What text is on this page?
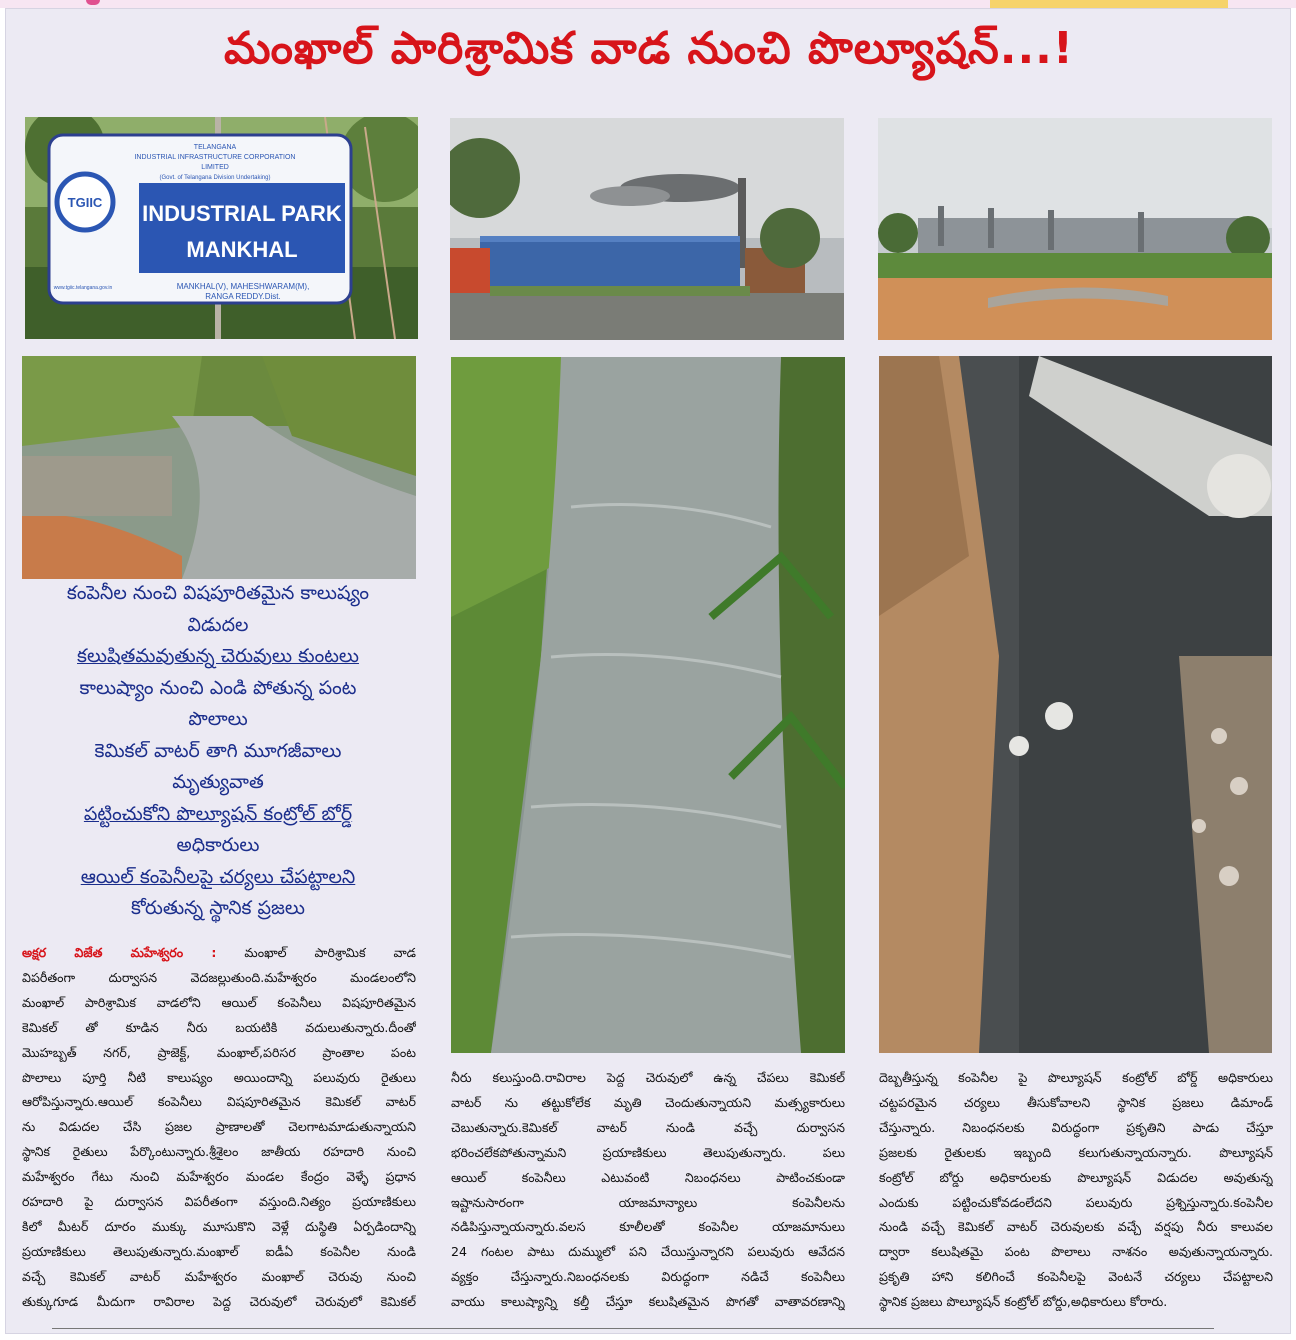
మంఖాల్ పారిశ్రామిక వాడ నుంచి పొల్యూషన్...!
TGIIC
TELANGANA
INDUSTRIAL INFRASTRUCTURE CORPORATION
LIMITED
(Govt. of Telangana Division Undertaking)
INDUSTRIAL PARK
MANKHAL
www.tgiic.telangana.gov.in	MANKHAL(V), MAHESHWARAM(M),
RANGA REDDY.Dist.
కంపెనీల నుంచి విషపూరితమైన కాలుష్యం
విడుదల
కలుషితమవుతున్న చెరువులు కుంటలు
కాలుష్యాం నుంచి ఎండి పోతున్న పంట
పొలాలు
కెమికల్ వాటర్ తాగి మూగజీవాలు
మృత్యువాత
పట్టించుకోని పొల్యూషన్ కంట్రోల్ బోర్డ్
అధికారులు
ఆయిల్ కంపెనీలపై చర్యలు చేపట్టాలని
కోరుతున్న స్థానిక ప్రజలు
అక్షర విజేత మహేశ్వరం : మంఖాల్ పారిశ్రామిక వాడ
విపరీతంగా దుర్వాసన వెదజల్లుతుంది.మహేశ్వరం మండలంలోని
మంఖాల్ పారిశ్రామిక వాడలోని ఆయిల్ కంపెనీలు విషపూరితమైన
కెమికల్ తో కూడిన నీరు బయటికి వదులుతున్నారు.దీంతో
మొహబ్బత్ నగర్, ప్రాజెక్ట్, మంఖాల్,పరిసర ప్రాంతాల పంట
పొలాలు పూర్తి నీటి కాలుష్యం అయిందాన్ని పలువురు రైతులు
ఆరోపిస్తున్నారు.ఆయిల్ కంపెనీలు విషపూరితమైన కెమికల్ వాటర్
ను విడుదల చేసి ప్రజల ప్రాణాలతో చెలగాటమాడుతున్నాయని
స్థానిక రైతులు పేర్కొంటున్నారు.శ్రీశైలం జాతీయ రహదారి నుంచి
మహేశ్వరం గేటు నుంచి మహేశ్వరం మండల కేంద్రం వెళ్ళే ప్రధాన
రహదారి పై దుర్వాసన విపరీతంగా వస్తుంది.నిత్యం ప్రయాణికులు
కిలో మీటర్ దూరం ముక్కు మూసుకొని వెళ్లే దుస్థితి ఏర్పడిందాన్ని
ప్రయాణికులు తెలుపుతున్నారు.మంఖాల్ ఐడీఏ కంపెనీల నుండి
వచ్చే కెమికల్ వాటర్ మహేశ్వరం మంఖాల్ చెరువు నుంచి
తుక్కుగూడ మీదుగా రావిరాల పెద్ద చెరువులో చెరువులో కెమికల్
నీరు కలుస్తుంది.రావిరాల పెద్ద చెరువులో ఉన్న చేపలు కెమికల్
వాటర్ ను తట్టుకోలేక మృతి చెందుతున్నాయని మత్స్యకారులు
చెబుతున్నారు.కెమికల్ వాటర్ నుండి వచ్చే దుర్వాసన
భరించలేకపోతున్నామని ప్రయాణికులు తెలుపుతున్నారు. పలు
ఆయిల్ కంపెనీలు ఎటువంటి నిబంధనలు పాటించకుండా
ఇష్టానుసారంగా యాజమాన్యాలు కంపెనీలను
నడిపిస్తున్నాయన్నారు.వలస కూలీలతో కంపెనీల యాజమానులు
24 గంటల పాటు దుమ్ములో పని చేయిస్తున్నారని పలువురు ఆవేదన
వ్యక్తం చేస్తున్నారు.నిబంధనలకు విరుద్ధంగా నడిచే కంపెనీలు
వాయు కాలుష్యాన్ని కల్తీ చేస్తూ కలుషితమైన పొగతో వాతావరణాన్ని
దెబ్బతీస్తున్న కంపెనీల పై పొల్యూషన్ కంట్రోల్ బోర్డ్ అధికారులు
చట్టపరమైన చర్యలు తీసుకోవాలని స్థానిక ప్రజలు డిమాండ్
చేస్తున్నారు. నిబంధనలకు విరుద్ధంగా ప్రకృతిని పాడు చేస్తూ
ప్రజలకు రైతులకు ఇబ్బంది కలుగుతున్నాయన్నారు. పొల్యూషన్
కంట్రోల్ బోర్డు అధికారులకు పొల్యూషన్ విడుదల అవుతున్న
ఎందుకు పట్టించుకోవడంలేదని పలువురు ప్రశ్నిస్తున్నారు.కంపెనీల
నుండి వచ్చే కెమికల్ వాటర్ చెరువులకు వచ్చే వర్షపు నీరు కాలువల
ద్వారా కలుషితమై పంట పొలాలు నాశనం అవుతున్నాయన్నారు.
ప్రకృతి హాని కలిగించే కంపెనీలపై వెంటనే చర్యలు చేపట్టాలని
స్థానిక ప్రజలు పొల్యూషన్ కంట్రోల్ బోర్డు,అధికారులు కోరారు.
